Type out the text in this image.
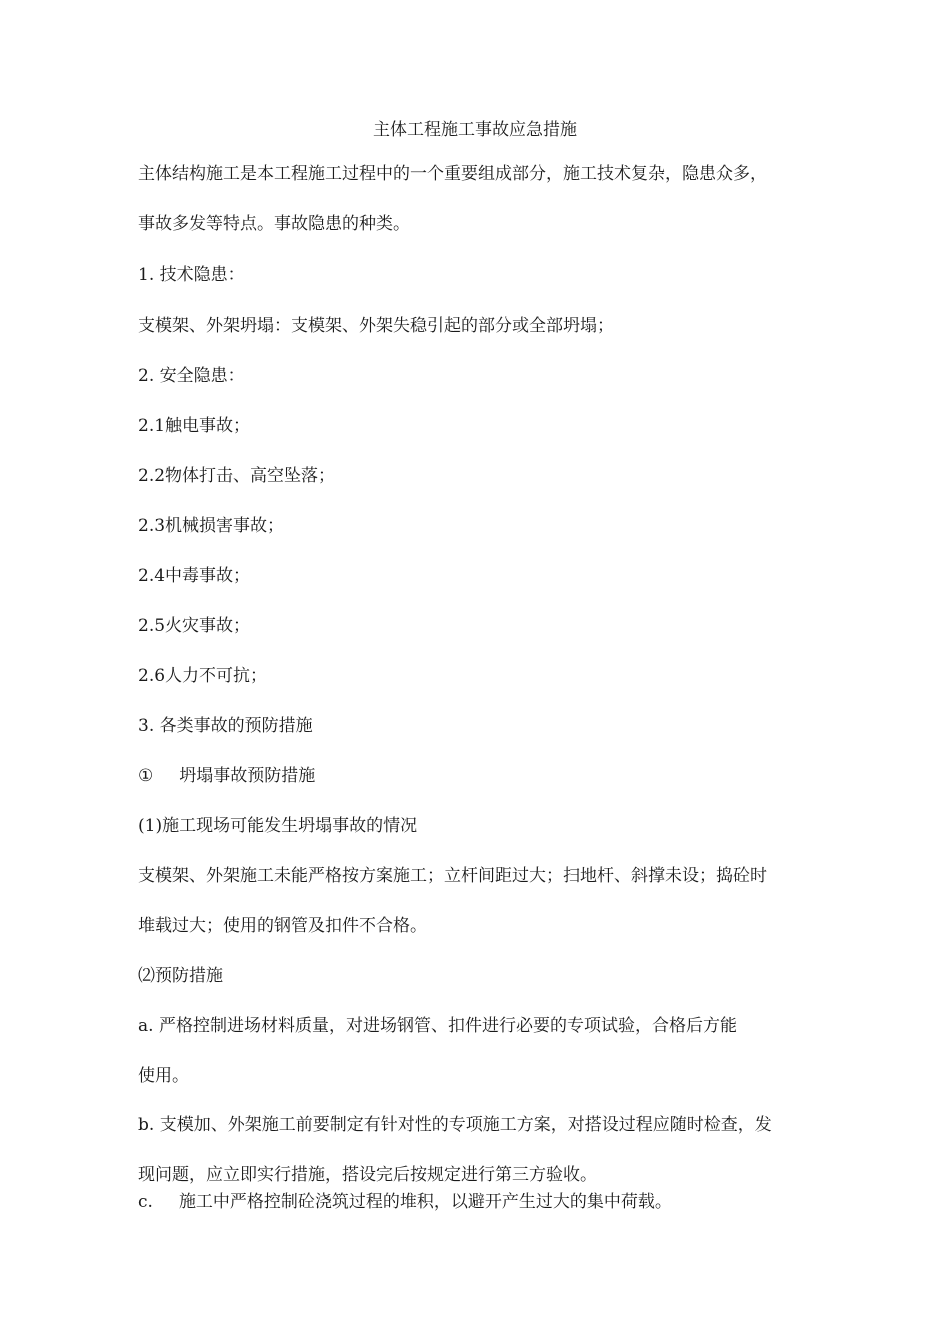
主体工程施工事故应急措施
主体结构施工是本工程施工过程中的一个重要组成部分，施工技术复杂，隐患众多，
事故多发等特点。事故隐患的种类。
1. 技术隐患：
支模架、外架坍塌：支模架、外架失稳引起的部分或全部坍塌；
2. 安全隐患：
2.1触电事故；
2.2物体打击、高空坠落；
2.3机械损害事故；
2.4中毒事故；
2.5火灾事故；
2.6人力不可抗；
3. 各类事故的预防措施
① 坍塌事故预防措施
(1)施工现场可能发生坍塌事故的情况
支模架、外架施工未能严格按方案施工；立杆间距过大；扫地杆、斜撑未设；捣砼时
堆载过大；使用的钢管及扣件不合格。
⑵预防措施
a. 严格控制进场材料质量，对进场钢管、扣件进行必要的专项试验，合格后方能
使用。
b. 支模加、外架施工前要制定有针对性的专项施工方案，对搭设过程应随时检查，发
现问题，应立即实行措施，搭设完后按规定进行第三方验收。
c. 施工中严格控制砼浇筑过程的堆积，以避开产生过大的集中荷载。
